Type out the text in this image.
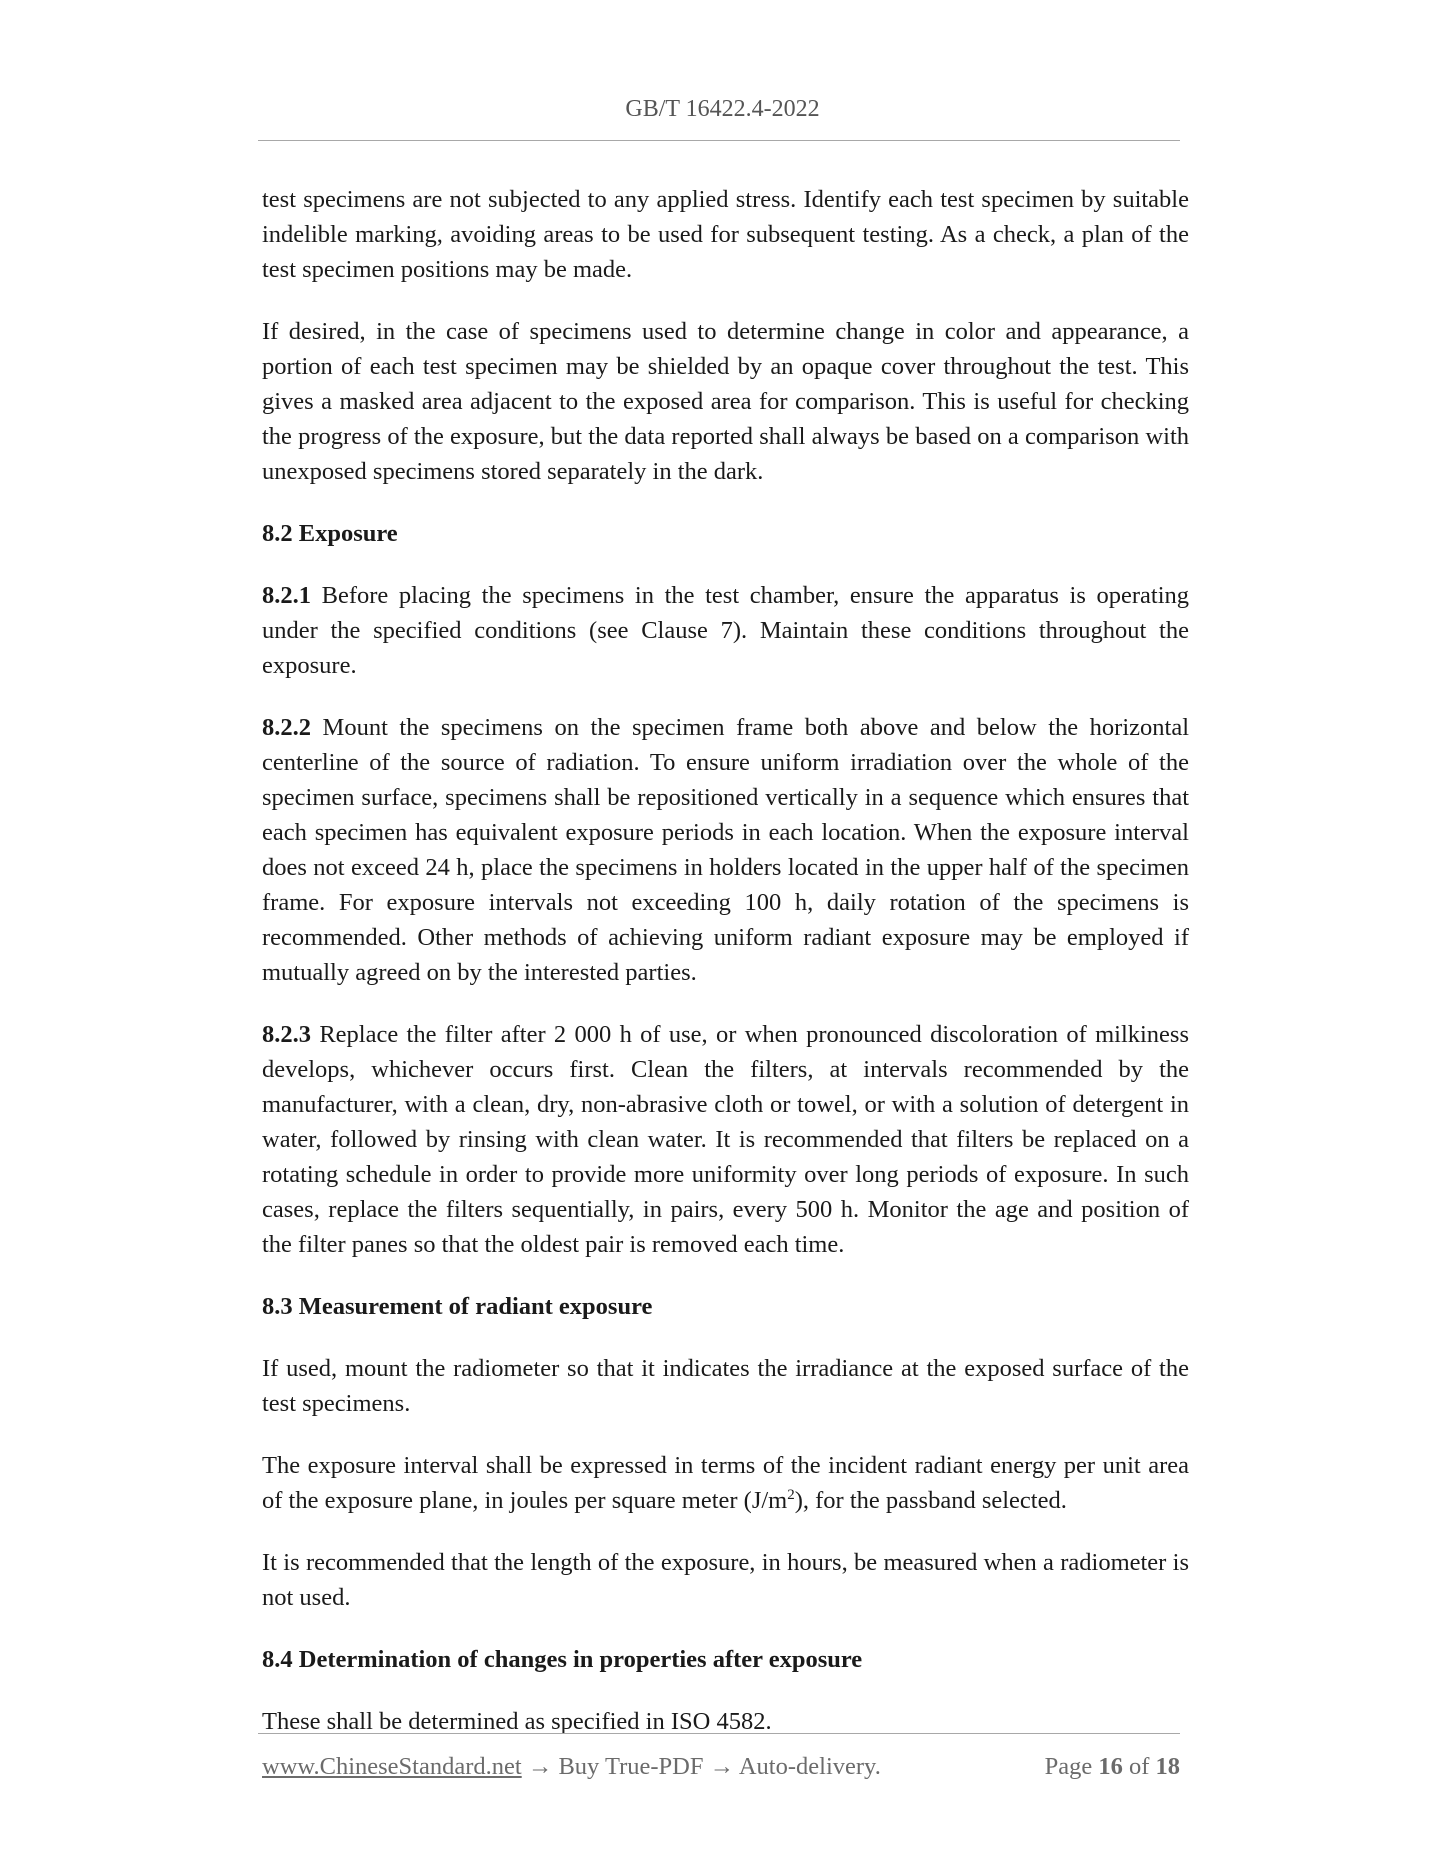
GB/T 16422.4-2022

test specimens are not subjected to any applied stress. Identify each test specimen by suitable indelible marking, avoiding areas to be used for subsequent testing. As a check, a plan of the test specimen positions may be made.

If desired, in the case of specimens used to determine change in color and appearance, a portion of each test specimen may be shielded by an opaque cover throughout the test. This gives a masked area adjacent to the exposed area for comparison. This is useful for checking the progress of the exposure, but the data reported shall always be based on a comparison with unexposed specimens stored separately in the dark.

8.2 Exposure

8.2.1 Before placing the specimens in the test chamber, ensure the apparatus is operating under the specified conditions (see Clause 7). Maintain these conditions throughout the exposure.

8.2.2 Mount the specimens on the specimen frame both above and below the horizontal centerline of the source of radiation. To ensure uniform irradiation over the whole of the specimen surface, specimens shall be repositioned vertically in a sequence which ensures that each specimen has equivalent exposure periods in each location. When the exposure interval does not exceed 24 h, place the specimens in holders located in the upper half of the specimen frame. For exposure intervals not exceeding 100 h, daily rotation of the specimens is recommended. Other methods of achieving uniform radiant exposure may be employed if mutually agreed on by the interested parties.

8.2.3 Replace the filter after 2 000 h of use, or when pronounced discoloration of milkiness develops, whichever occurs first. Clean the filters, at intervals recommended by the manufacturer, with a clean, dry, non-abrasive cloth or towel, or with a solution of detergent in water, followed by rinsing with clean water. It is recommended that filters be replaced on a rotating schedule in order to provide more uniformity over long periods of exposure. In such cases, replace the filters sequentially, in pairs, every 500 h. Monitor the age and position of the filter panes so that the oldest pair is removed each time.

8.3 Measurement of radiant exposure

If used, mount the radiometer so that it indicates the irradiance at the exposed surface of the test specimens.

The exposure interval shall be expressed in terms of the incident radiant energy per unit area of the exposure plane, in joules per square meter $(J/m^2)$, for the passband selected.

It is recommended that the length of the exposure, in hours, be measured when a radiometer is not used.

8.4 Determination of changes in properties after exposure

These shall be determined as specified in ISO 4582.

www.ChineseStandard.net → Buy True-PDF → Auto-delivery.	Page 16 of 18
